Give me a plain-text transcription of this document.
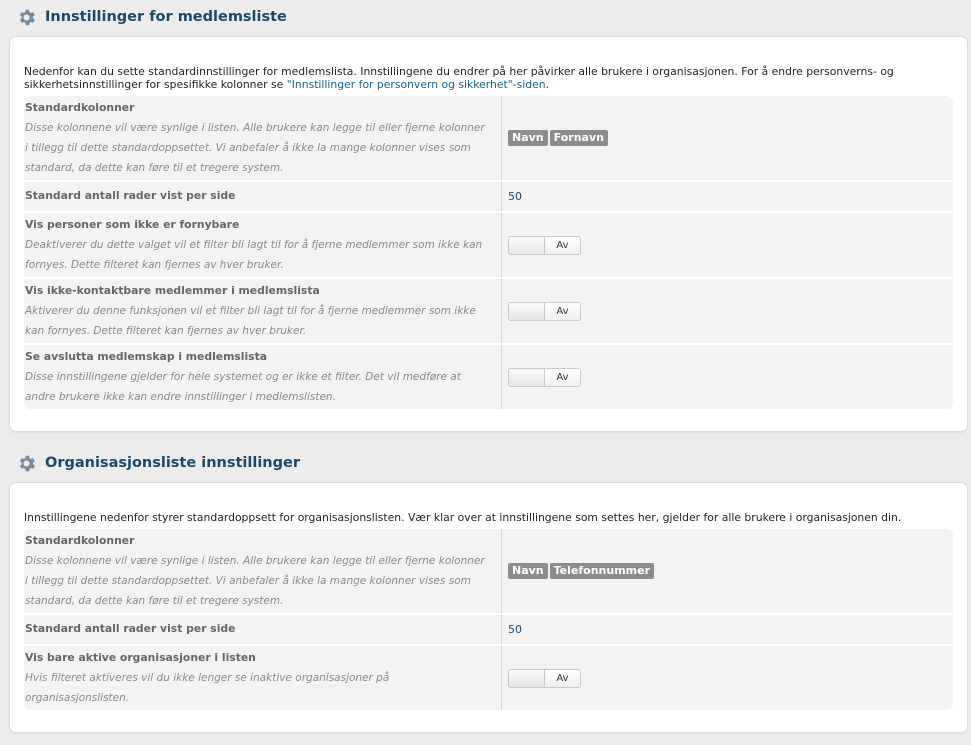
Innstillinger for medlemsliste

Nedenfor kan du sette standardinnstillinger for medlemslista. Innstillingene du endrer på her påvirker alle brukere i organisasjonen. For å endre personverns- og sikkerhetsinnstillinger for spesifikke kolonner se "Innstillinger for personvern og sikkerhet"-siden.

Standardkolonner
Disse kolonnene vil være synlige i listen. Alle brukere kan legge til eller fjerne kolonner i tillegg til dette standardoppsettet. Vi anbefaler å ikke la mange kolonner vises som standard, da dette kan føre til et tregere system.
Navn Fornavn
Standard antall rader vist per side	50
Vis personer som ikke er fornybare
Deaktiverer du dette valget vil et filter bli lagt til for å fjerne medlemmer som ikke kan fornyes. Dette filteret kan fjernes av hver bruker.
Av
Vis ikke-kontaktbare medlemmer i medlemslista
Aktiverer du denne funksjonen vil et filter bli lagt til for å fjerne medlemmer som ikke kan fornyes. Dette filteret kan fjernes av hver bruker.
Av
Se avslutta medlemskap i medlemslista
Disse innstillingene gjelder for hele systemet og er ikke et filter. Det vil medføre at andre brukere ikke kan endre innstillinger i medlemslisten.
Av
Organisasjonsliste innstillinger

Innstillingene nedenfor styrer standardoppsett for organisasjonslisten. Vær klar over at innstillingene som settes her, gjelder for alle brukere i organisasjonen din.

Standardkolonner
Disse kolonnene vil være synlige i listen. Alle brukere kan legge til eller fjerne kolonner i tillegg til dette standardoppsettet. Vi anbefaler å ikke la mange kolonner vises som standard, da dette kan føre til et tregere system.
Navn Telefonnummer
Standard antall rader vist per side	50
Vis bare aktive organisasjoner i listen
Hvis filteret aktiveres vil du ikke lenger se inaktive organisasjoner på organisasjonslisten.
Av
